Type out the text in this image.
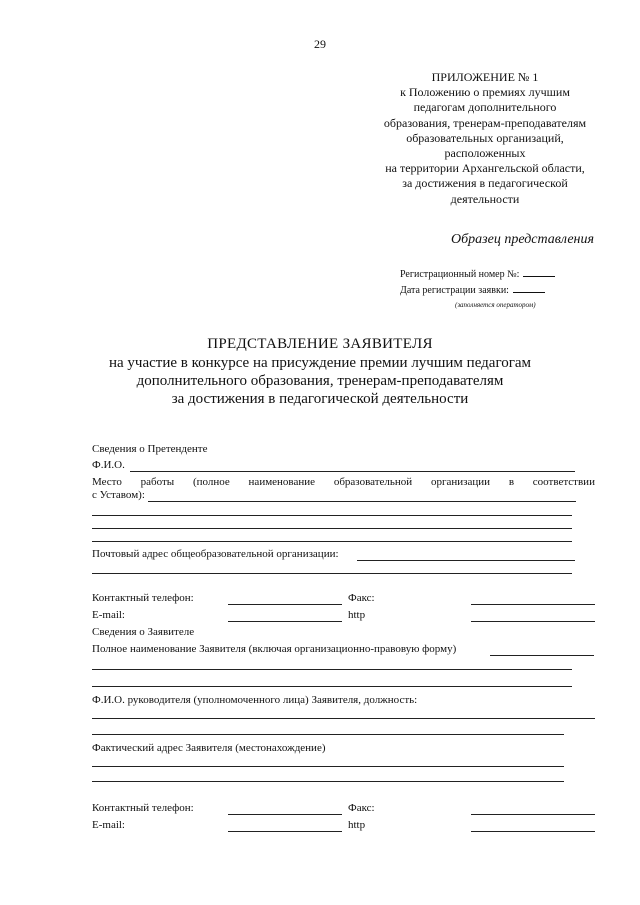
29
ПРИЛОЖЕНИЕ № 1
к Положению о премиях лучшим
педагогам дополнительного
образования, тренерам-преподавателям
образовательных организаций,
расположенных
на территории Архангельской области,
за достижения в педагогической
деятельности
Образец представления
Регистрационный номер №:
Дата регистрации заявки:
(заполняется оператором)
ПРЕДСТАВЛЕНИЕ ЗАЯВИТЕЛЯ
на участие в конкурсе на присуждение премии лучшим педагогам
дополнительного образования, тренерам-преподавателям
за достижения в педагогической деятельности
Сведения о Претенденте
Ф.И.О.
Место работы (полное наименование образовательной организации в соответствии
с Уставом):
Почтовый адрес общеобразовательной организации:
Контактный телефон:	Факс:
E-mail:	http
Сведения о Заявителе
Полное наименование Заявителя (включая организационно-правовую форму)
Ф.И.О. руководителя (уполномоченного лица) Заявителя, должность:
Фактический адрес Заявителя (местонахождение)
Контактный телефон:	Факс:
E-mail:	http
